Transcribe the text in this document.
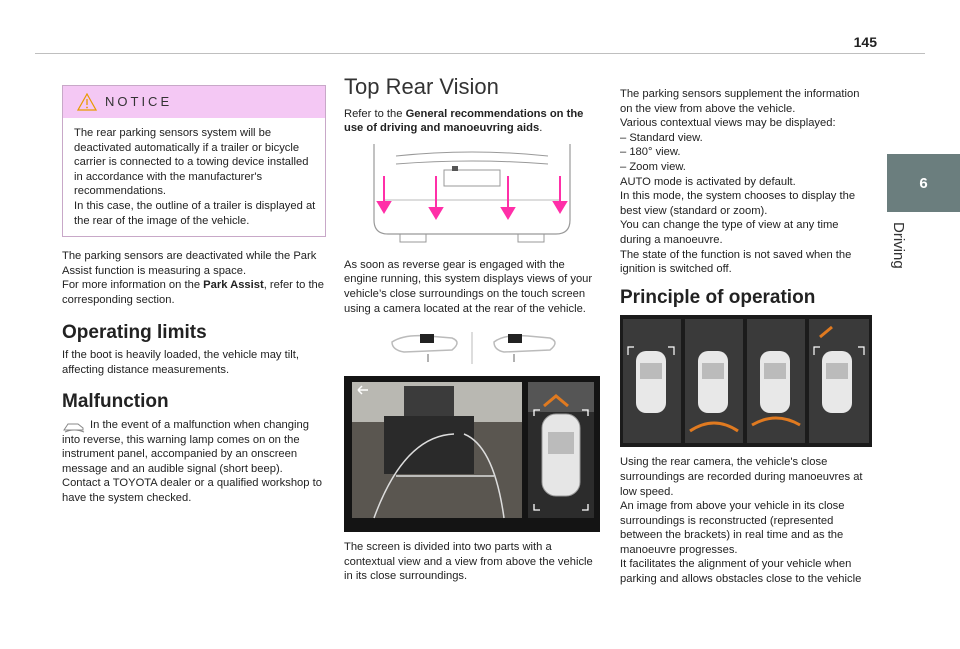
145
6
Driving
NOTICE

The rear parking sensors system will be deactivated automatically if a trailer or bicycle carrier is connected to a towing device installed in accordance with the manufacturer's recommendations.

In this case, the outline of a trailer is displayed at the rear of the image of the vehicle.

The parking sensors are deactivated while the Park Assist function is measuring a space.

For more information on the Park Assist, refer to the corresponding section.

Operating limits

If the boot is heavily loaded, the vehicle may tilt, affecting distance measurements.

Malfunction

In the event of a malfunction when changing into reverse, this warning lamp comes on on the instrument panel, accompanied by an onscreen message and an audible signal (short beep).

Contact a TOYOTA dealer or a qualified workshop to have the system checked.

Top Rear Vision

Refer to the General recommendations on the use of driving and manoeuvring aids.

As soon as reverse gear is engaged with the engine running, this system displays views of your vehicle’s close surroundings on the touch screen using a camera located at the rear of the vehicle.

The screen is divided into two parts with a contextual view and a view from above the vehicle in its close surroundings.

The parking sensors supplement the information on the view from above the vehicle.

Various contextual views may be displayed:

– Standard view.

– 180° view.

– Zoom view.

AUTO mode is activated by default.

In this mode, the system chooses to display the best view (standard or zoom).

You can change the type of view at any time during a manoeuvre.

The state of the function is not saved when the ignition is switched off.

Principle of operation

Using the rear camera, the vehicle's close surroundings are recorded during manoeuvres at low speed.

An image from above your vehicle in its close surroundings is reconstructed (represented between the brackets) in real time and as the manoeuvre progresses.

It facilitates the alignment of your vehicle when parking and allows obstacles close to the vehicle
